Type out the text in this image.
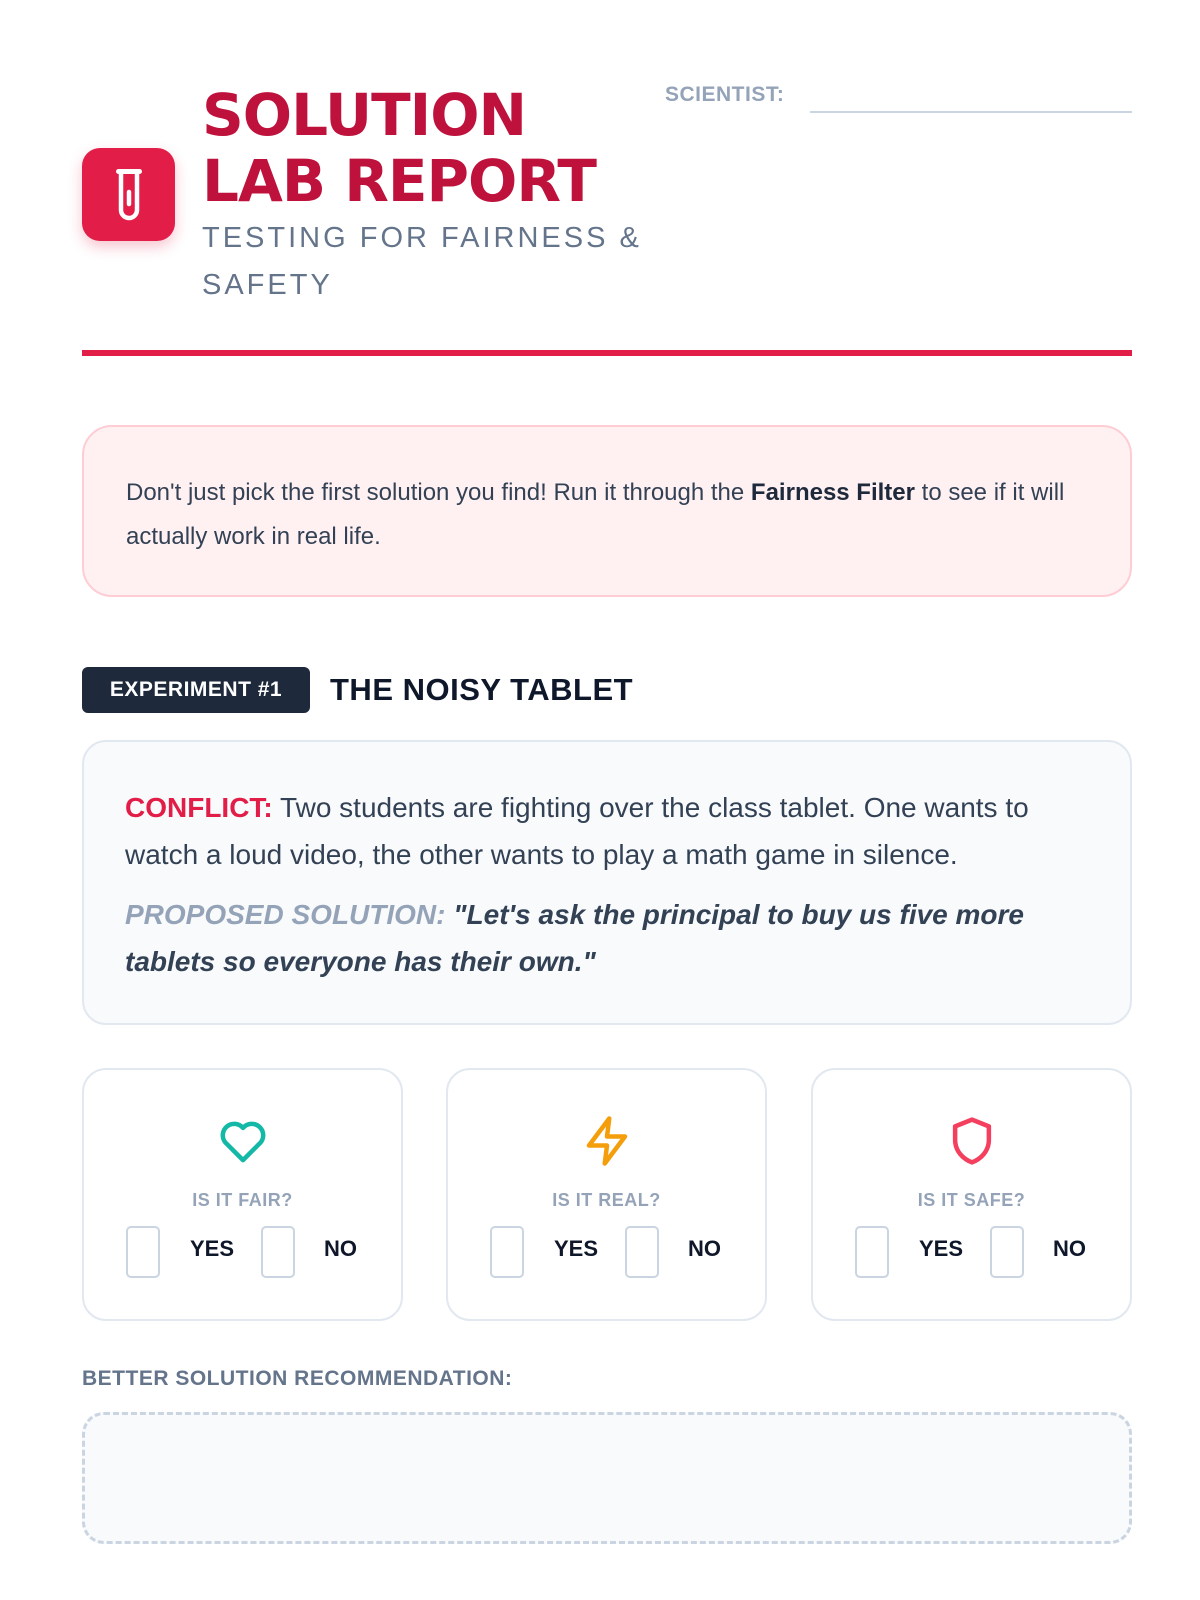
SOLUTION
LAB REPORT

TESTING FOR FAIRNESS & SAFETY

SCIENTIST:
Don't just pick the first solution you find! Run it through the Fairness Filter to see if it will actually work in real life.
EXPERIMENT #1	THE NOISY TABLET

CONFLICT: Two students are fighting over the class tablet. One wants to watch a loud video, the other wants to play a math game in silence.

PROPOSED SOLUTION: "Let's ask the principal to buy us five more tablets so everyone has their own."

IS IT FAIR?
YES	NO
IS IT REAL?
YES	NO
IS IT SAFE?
YES	NO
BETTER SOLUTION RECOMMENDATION:
